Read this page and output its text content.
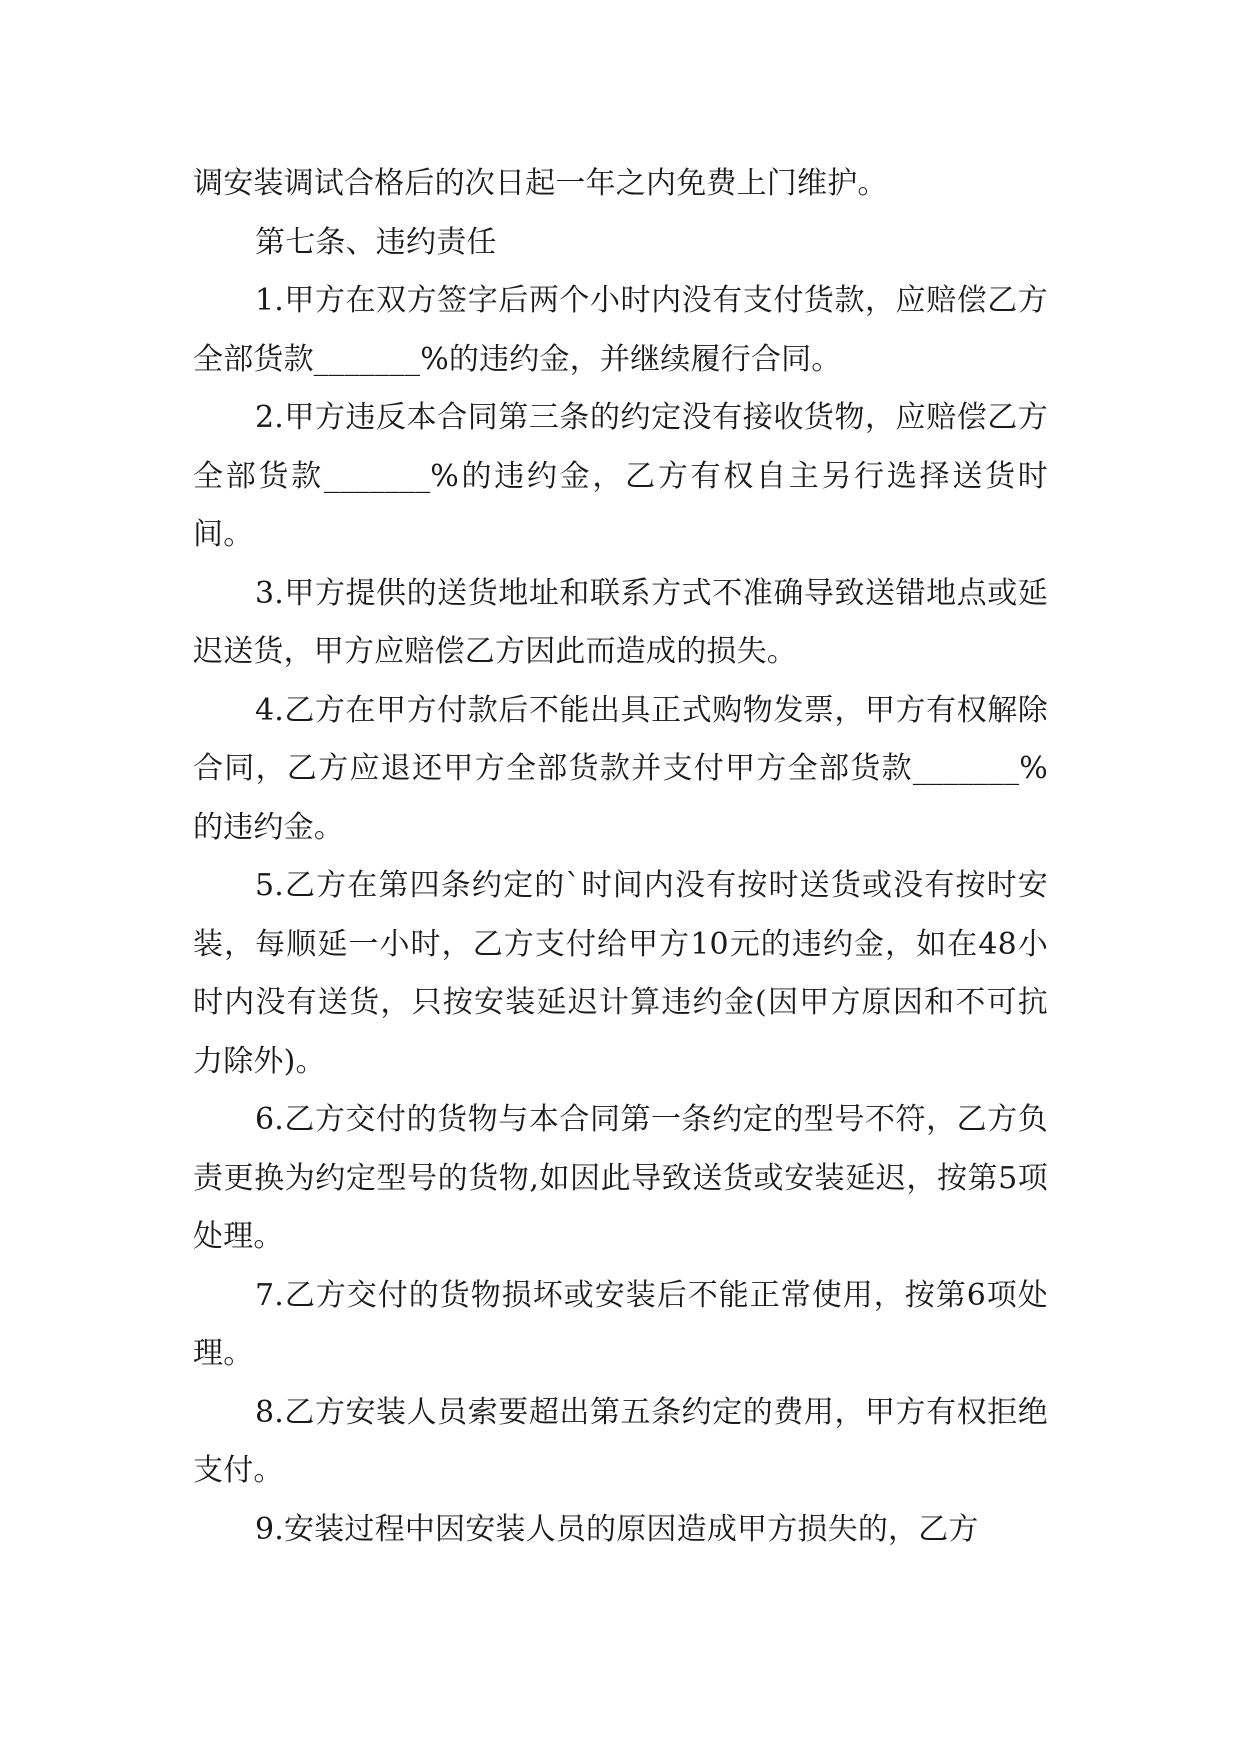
调安装调试合格后的次日起一年之内免费上门维护。

第七条、违约责任

1.甲方在双方签字后两个小时内没有支付货款，应赔偿乙方全部货款_______%的违约金，并继续履行合同。

2.甲方违反本合同第三条的约定没有接收货物，应赔偿乙方全部货款_______%的违约金，乙方有权自主另行选择送货时间。

3.甲方提供的送货地址和联系方式不准确导致送错地点或延迟送货，甲方应赔偿乙方因此而造成的损失。

4.乙方在甲方付款后不能出具正式购物发票，甲方有权解除合同，乙方应退还甲方全部货款并支付甲方全部货款_______%的违约金。

5.乙方在第四条约定的`时间内没有按时送货或没有按时安装，每顺延一小时，乙方支付给甲方10元的违约金，如在48小时内没有送货，只按安装延迟计算违约金(因甲方原因和不可抗力除外)。

6.乙方交付的货物与本合同第一条约定的型号不符，乙方负责更换为约定型号的货物,如因此导致送货或安装延迟，按第5项处理。

7.乙方交付的货物损坏或安装后不能正常使用，按第6项处理。

8.乙方安装人员索要超出第五条约定的费用，甲方有权拒绝支付。

9.安装过程中因安装人员的原因造成甲方损失的，乙方
